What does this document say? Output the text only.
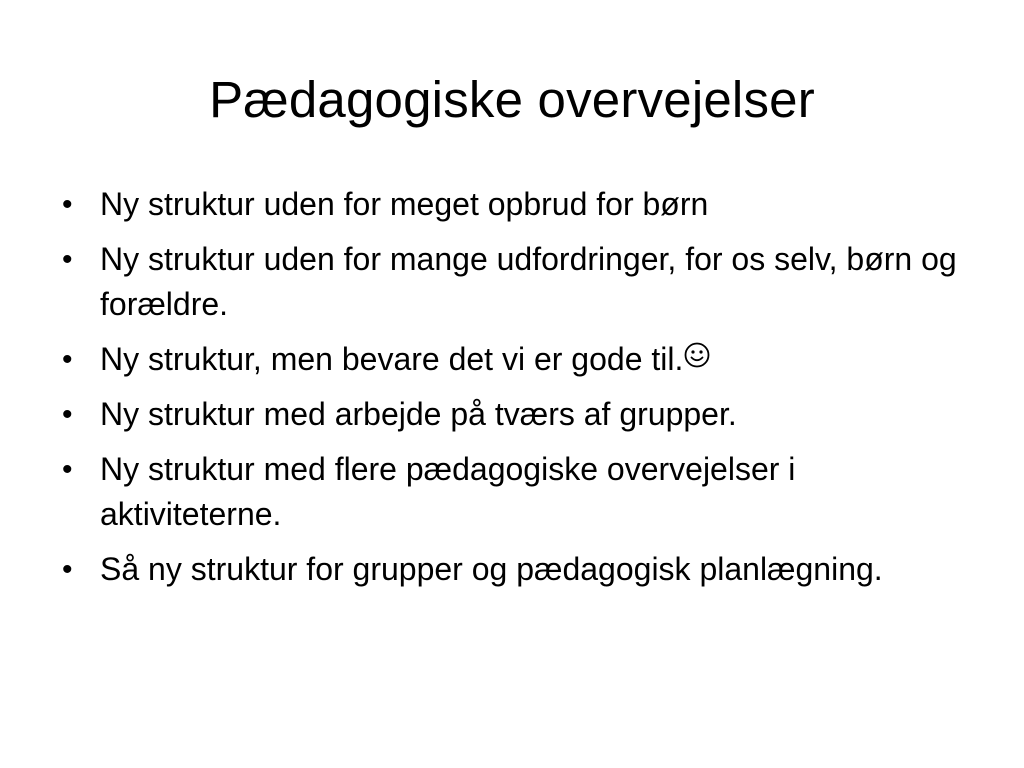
Pædagogiske overvejelser
• Ny struktur uden for meget opbrud for børn
• Ny struktur uden for mange udfordringer, for os selv, børn og forældre.
• Ny struktur, men bevare det vi er gode til.
• Ny struktur med arbejde på tværs af grupper.
• Ny struktur med flere pædagogiske overvejelser i aktiviteterne.
• Så ny struktur for grupper og pædagogisk planlægning.
